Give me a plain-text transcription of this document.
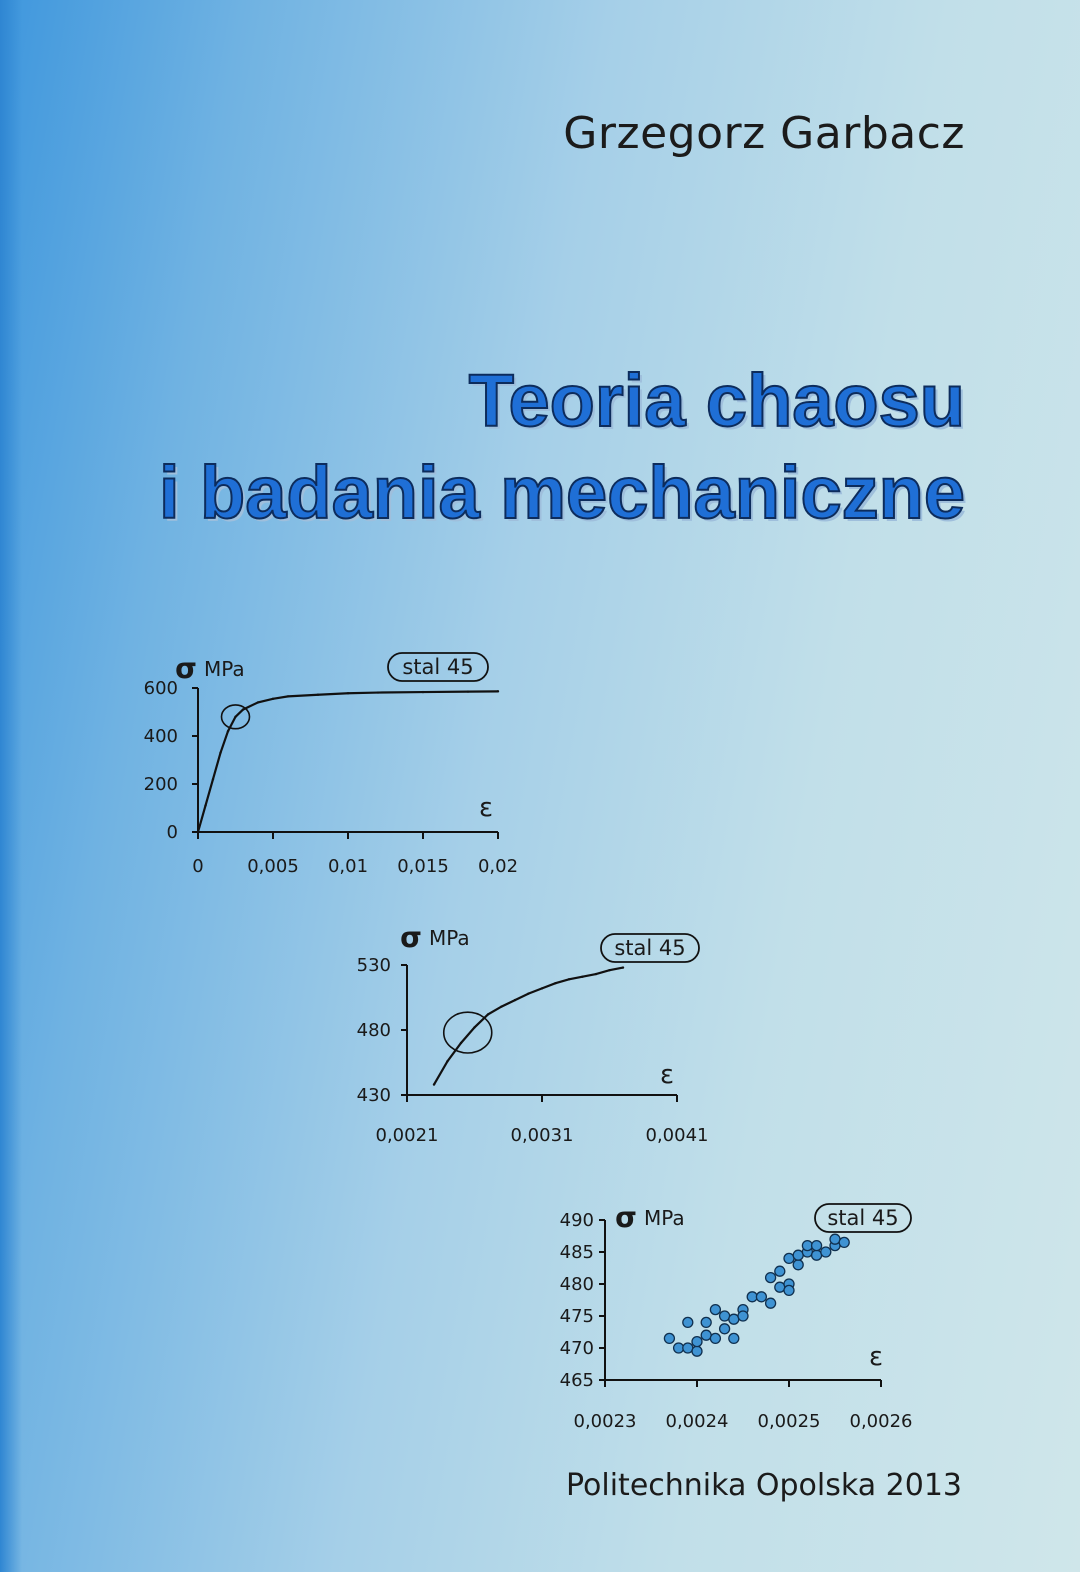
Grzegorz Garbacz
Teoria chaosu
i badania mechaniczne
0
200
400
600
0 0,005 0,01 0,015 0,02
σ MPa
ε
stal 45
430
480
530
0,0021	0,0031	0,0041
σ MPa
ε
stal 45
465
470
475
480
485
490
0,0023 0,0024 0,0025 0,0026
σ MPa
ε
stal 45
Politechnika Opolska 2013
